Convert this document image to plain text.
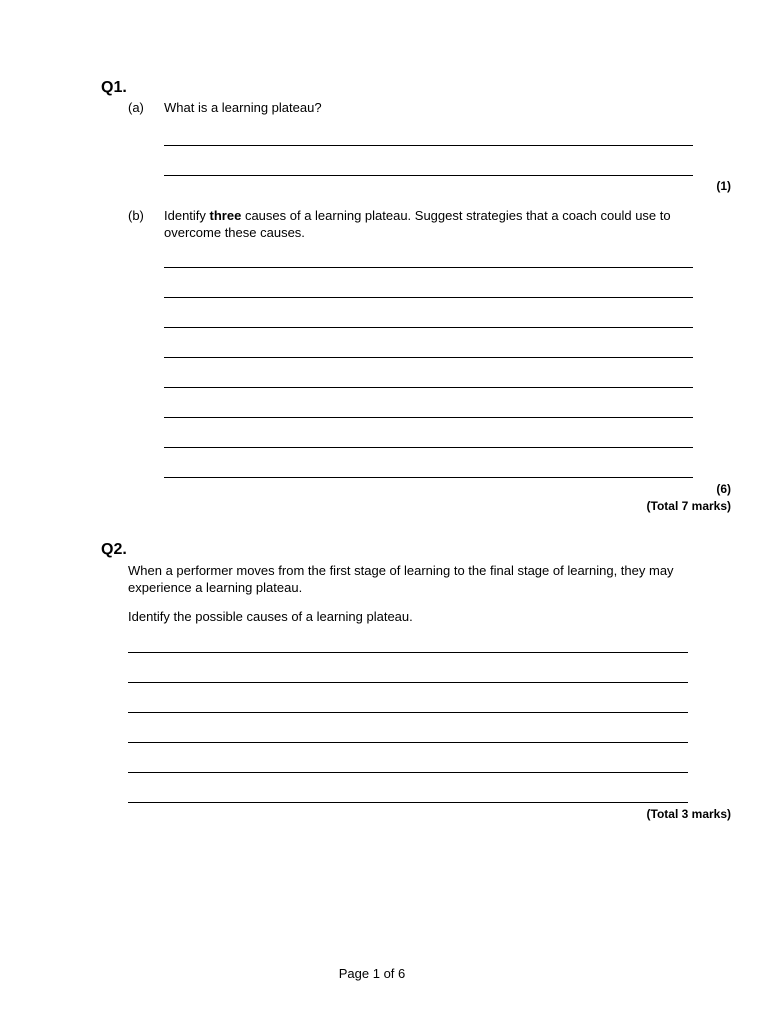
Q1.
(a) What is a learning plateau?
(1)
(b) Identify three causes of a learning plateau. Suggest strategies that a coach could use to overcome these causes.
(6)
(Total 7 marks)
Q2.
When a performer moves from the first stage of learning to the final stage of learning, they may experience a learning plateau.
Identify the possible causes of a learning plateau.
(Total 3 marks)
Page 1 of 6
